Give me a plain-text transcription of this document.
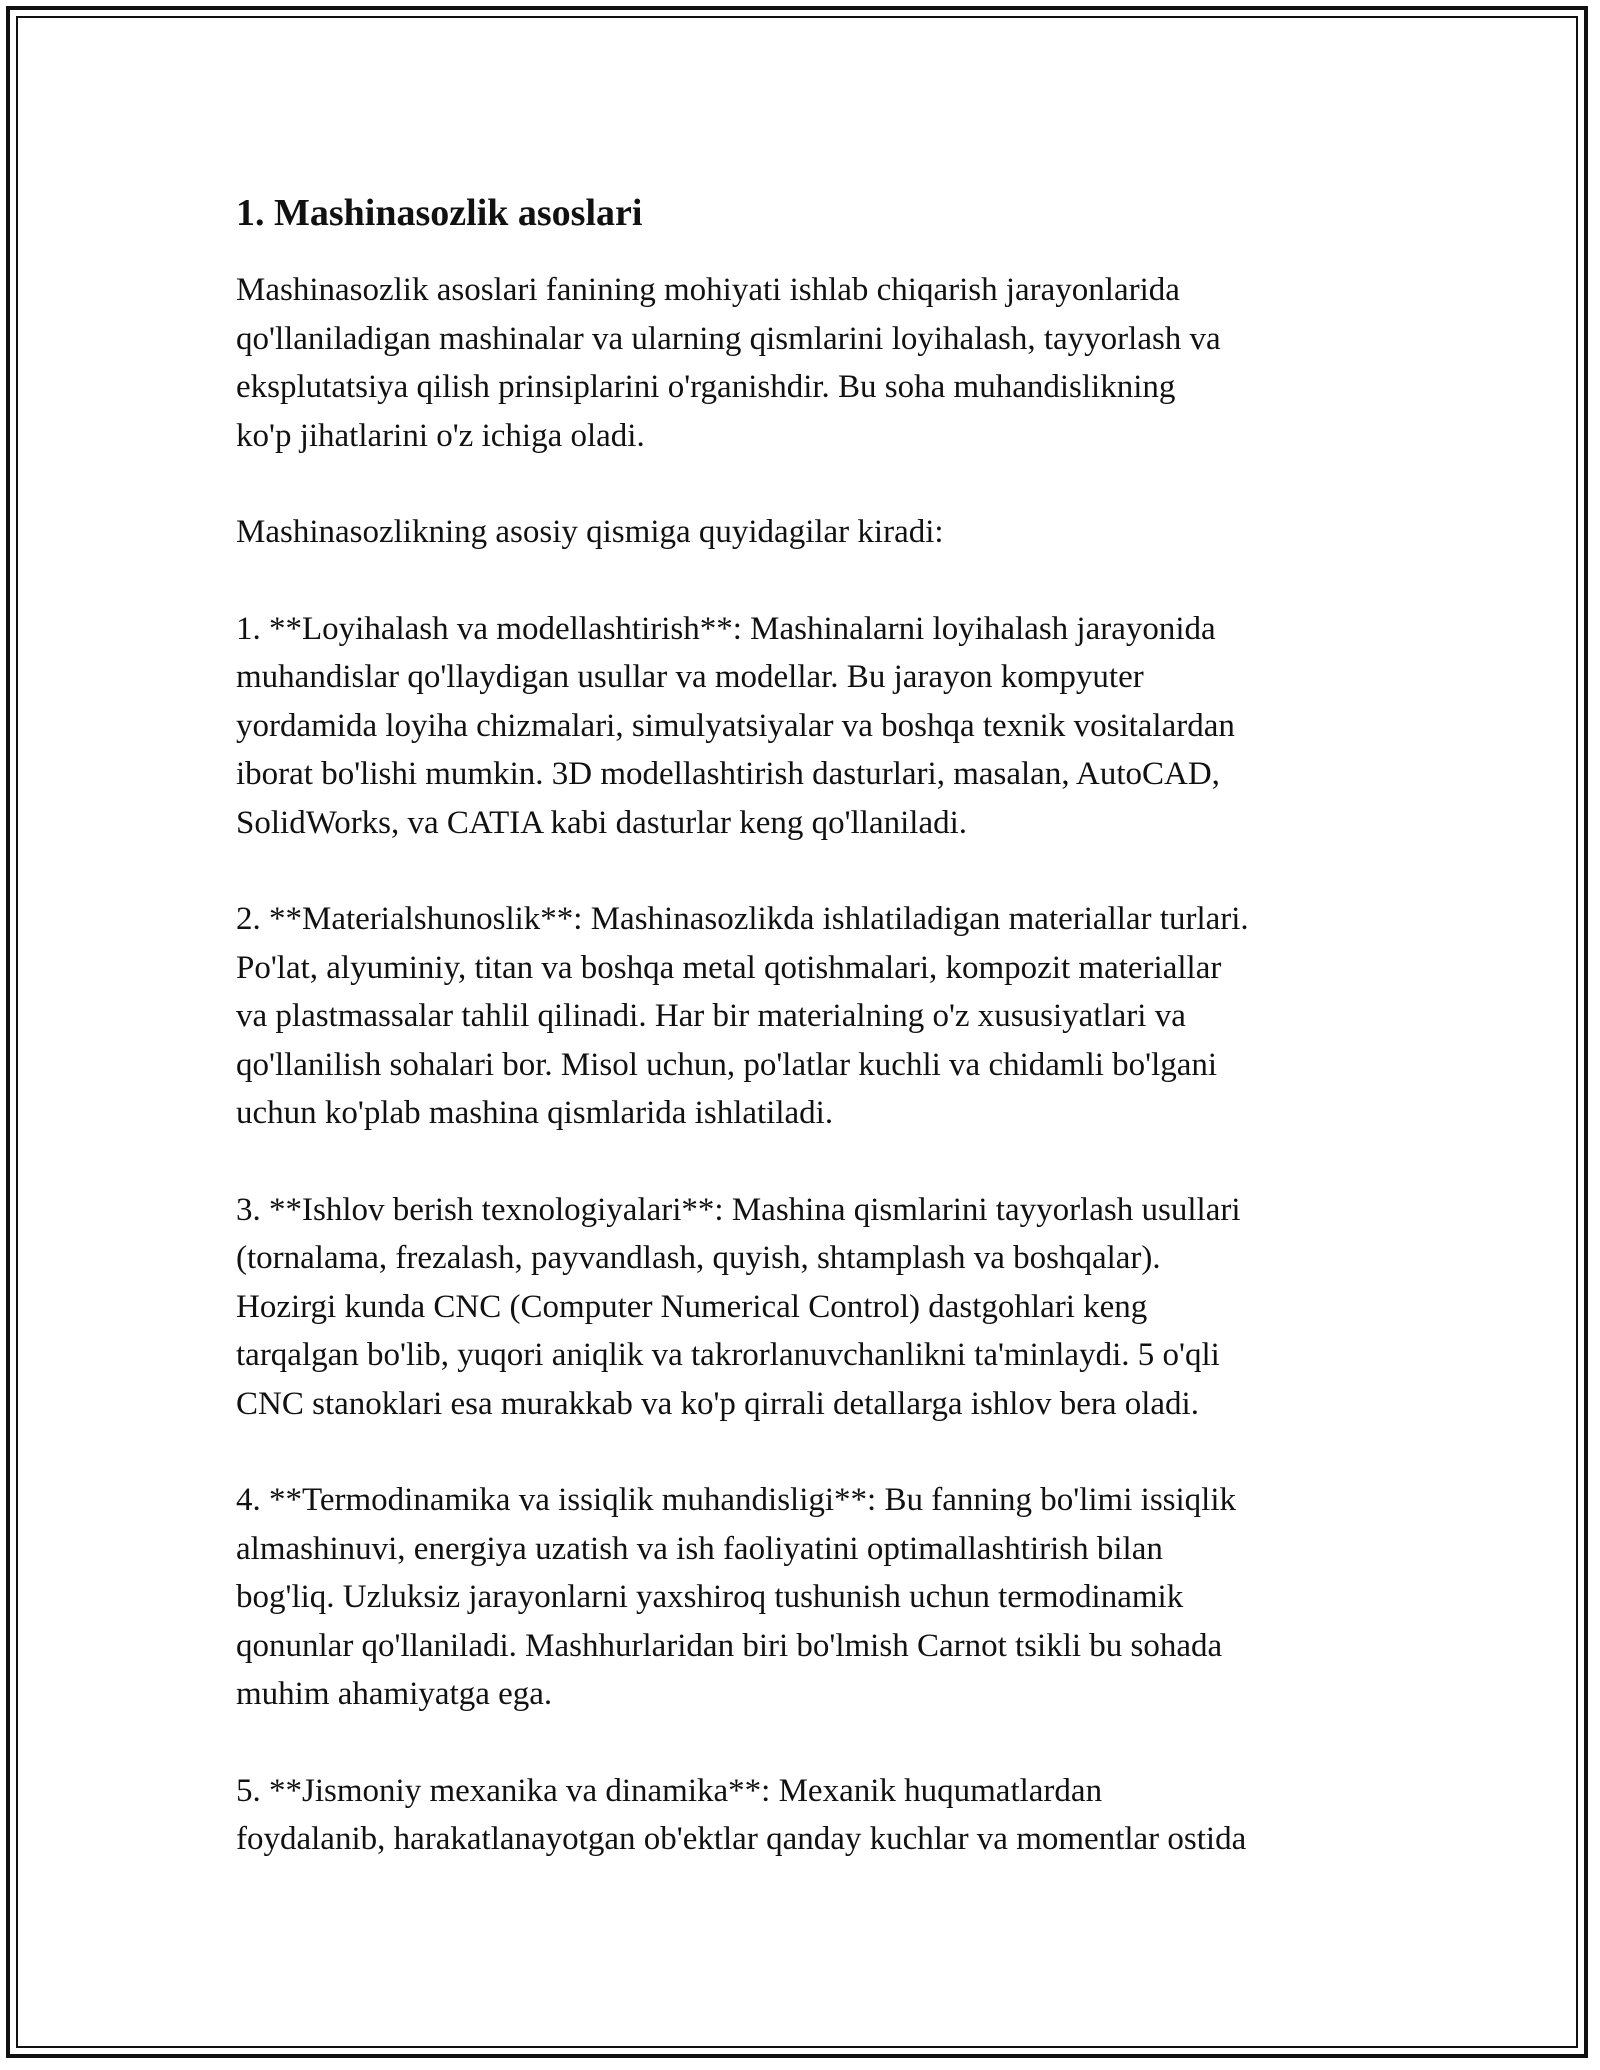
1. Mashinasozlik asoslari

Mashinasozlik asoslari fanining mohiyati ishlab chiqarish jarayonlarida
qo'llaniladigan mashinalar va ularning qismlarini loyihalash, tayyorlash va
eksplutatsiya qilish prinsiplarini o'rganishdir. Bu soha muhandislikning
ko'p jihatlarini o'z ichiga oladi.

Mashinasozlikning asosiy qismiga quyidagilar kiradi:

1. **Loyihalash va modellashtirish**: Mashinalarni loyihalash jarayonida
muhandislar qo'llaydigan usullar va modellar. Bu jarayon kompyuter
yordamida loyiha chizmalari, simulyatsiyalar va boshqa texnik vositalardan
iborat bo'lishi mumkin. 3D modellashtirish dasturlari, masalan, AutoCAD,
SolidWorks, va CATIA kabi dasturlar keng qo'llaniladi.

2. **Materialshunoslik**: Mashinasozlikda ishlatiladigan materiallar turlari.
Po'lat, alyuminiy, titan va boshqa metal qotishmalari, kompozit materiallar
va plastmassalar tahlil qilinadi. Har bir materialning o'z xususiyatlari va
qo'llanilish sohalari bor. Misol uchun, po'latlar kuchli va chidamli bo'lgani
uchun ko'plab mashina qismlarida ishlatiladi.

3. **Ishlov berish texnologiyalari**: Mashina qismlarini tayyorlash usullari
(tornalama, frezalash, payvandlash, quyish, shtamplash va boshqalar).
Hozirgi kunda CNC (Computer Numerical Control) dastgohlari keng
tarqalgan bo'lib, yuqori aniqlik va takrorlanuvchanlikni ta'minlaydi. 5 o'qli
CNC stanoklari esa murakkab va ko'p qirrali detallarga ishlov bera oladi.

4. **Termodinamika va issiqlik muhandisligi**: Bu fanning bo'limi issiqlik
almashinuvi, energiya uzatish va ish faoliyatini optimallashtirish bilan
bog'liq. Uzluksiz jarayonlarni yaxshiroq tushunish uchun termodinamik
qonunlar qo'llaniladi. Mashhurlaridan biri bo'lmish Carnot tsikli bu sohada
muhim ahamiyatga ega.

5. **Jismoniy mexanika va dinamika**: Mexanik huqumatlardan
foydalanib, harakatlanayotgan ob'ektlar qanday kuchlar va momentlar ostida
